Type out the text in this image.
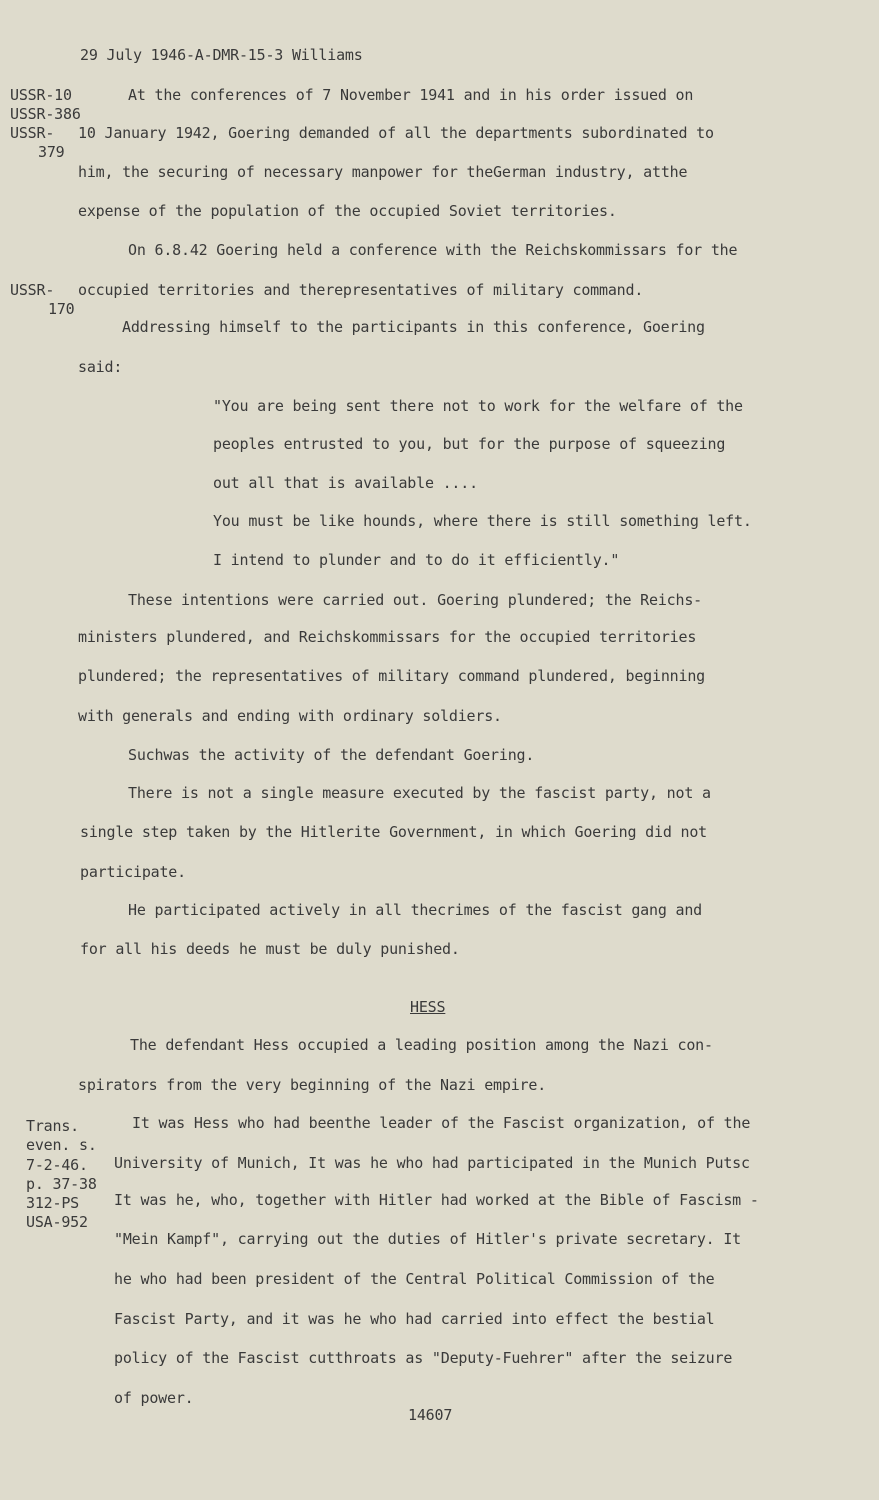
29 July 1946-A-DMR-15-3 Williams
USSR-10
USSR-386
USSR-
379
USSR-
170
At the conferences of 7 November 1941 and in his order issued on
10 January 1942, Goering demanded of all the departments subordinated to
him, the securing of necessary manpower for theGerman industry, atthe
expense of the population of the occupied Soviet territories.
On 6.8.42 Goering held a conference with the Reichskommissars for the
occupied territories and therepresentatives of military command.
Addressing himself to the participants in this conference, Goering
said:
"You are being sent there not to work for the welfare of the
peoples entrusted to you, but for the purpose of squeezing
out all that is available ....
You must be like hounds, where there is still something left.
I intend to plunder and to do it efficiently."
These intentions were carried out. Goering plundered; the Reichs-
ministers plundered, and Reichskommissars for the occupied territories
plundered; the representatives of military command plundered, beginning
with generals and ending with ordinary soldiers.
Suchwas the activity of the defendant Goering.
There is not a single measure executed by the fascist party, not a
single step taken by the Hitlerite Government, in which Goering did not
participate.
He participated actively in all thecrimes of the fascist gang and
for all his deeds he must be duly punished.
HESS
The defendant Hess occupied a leading position among the Nazi con-
spirators from the very beginning of the Nazi empire.
Trans.
even. s.
7-2-46.
p. 37-38
312-PS
USA-952
It was Hess who had beenthe leader of the Fascist organization, of the
University of Munich, It was he who had participated in the Munich Putsc
It was he, who, together with Hitler had worked at the Bible of Fascism -
"Mein Kampf", carrying out the duties of Hitler's private secretary. It
he who had been president of the Central Political Commission of the
Fascist Party, and it was he who had carried into effect the bestial
policy of the Fascist cutthroats as "Deputy-Fuehrer" after the seizure
of power.
14607
